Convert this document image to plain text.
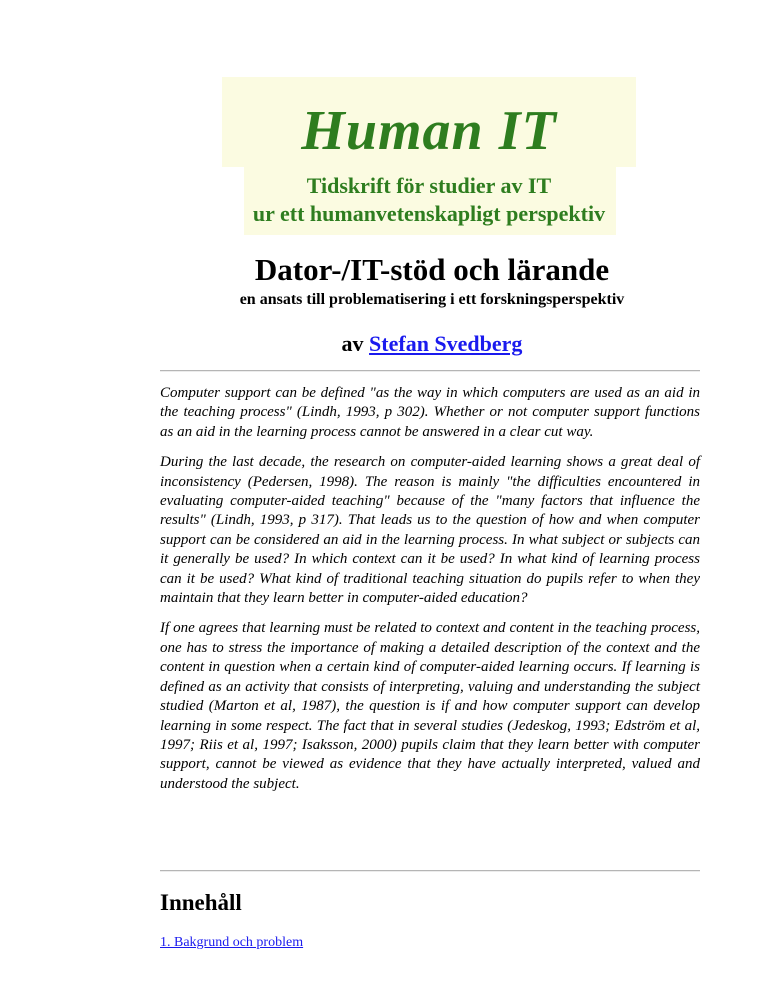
Human IT
Tidskrift för studier av IT
ur ett humanvetenskapligt perspektiv
Dator-/IT-stöd och lärande
en ansats till problematisering i ett forskningsperspektiv
av Stefan Svedberg

Computer support can be defined "as the way in which computers are used as an aid in the teaching process" (Lindh, 1993, p 302). Whether or not computer support functions as an aid in the learning process cannot be answered in a clear cut way.

During the last decade, the research on computer-aided learning shows a great deal of inconsistency (Pedersen, 1998). The reason is mainly "the difficulties encountered in evaluating computer-aided teaching" because of the "many factors that influence the results" (Lindh, 1993, p 317). That leads us to the question of how and when computer support can be considered an aid in the learning process. In what subject or subjects can it generally be used? In which context can it be used? In what kind of learning process can it be used? What kind of traditional teaching situation do pupils refer to when they maintain that they learn better in computer-aided education?

If one agrees that learning must be related to context and content in the teaching process, one has to stress the importance of making a detailed description of the context and the content in question when a certain kind of computer-aided learning occurs. If learning is defined as an activity that consists of interpreting, valuing and understanding the subject studied (Marton et al, 1987), the question is if and how computer support can develop learning in some respect. The fact that in several studies (Jedeskog, 1993; Edström et al, 1997; Riis et al, 1997; Isaksson, 2000) pupils claim that they learn better with computer support, cannot be viewed as evidence that they have actually interpreted, valued and understood the subject.

Innehåll
1. Bakgrund och problem
